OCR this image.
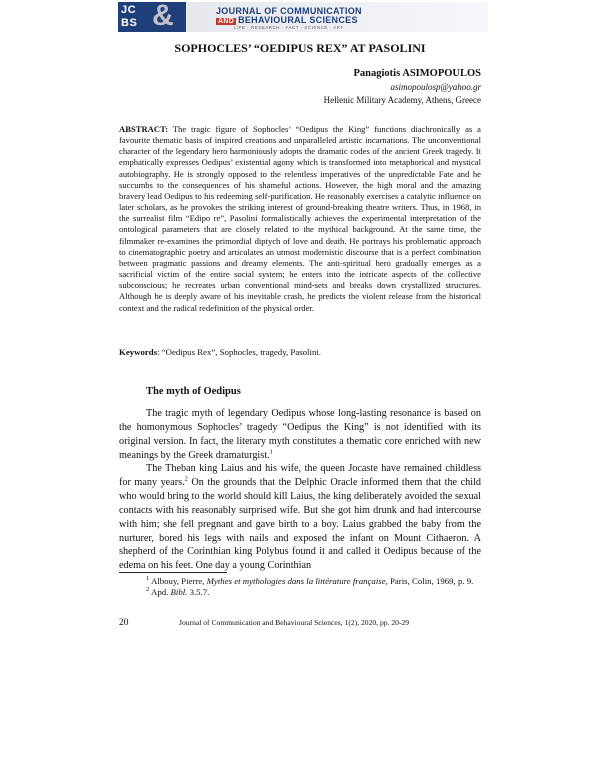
JC
BS &	JOURNAL OF COMMUNICATION
AND BEHAVIOURAL SCIENCES
LIFE · RESEARCH · FACT · SCIENCE · ART
SOPHOCLES’ “OEDIPUS REX” AT PASOLINI
Panagiotis ASIMOPOULOS
asimopoulosp@yahoo.gr
Hellenic Military Academy, Athens, Greece

ABSTRACT: The tragic figure of Sophocles’ “Oedipus the King” functions diachronically as a favourite thematic basis of inspired creations and unparalleled artistic incarnations. The unconventional character of the legendary hero harmoniously adopts the dramatic codes of the ancient Greek tragedy. It emphatically expresses Oedipus’ existential agony which is transformed into metaphorical and mystical autobiography. He is strongly opposed to the relentless imperatives of the unpredictable Fate and he succumbs to the consequences of his shameful actions. However, the high moral and the amazing bravery lead Oedipus to his redeeming self-purification. He reasonably exercises a catalytic influence on later scholars, as he provokes the striking interest of ground-breaking theatre writers. Thus, in 1968, in the surrealist film “Edipo re”, Pasolini formalistically achieves the experimental interpretation of the ontological parameters that are closely related to the mythical background. At the same time, the filmmaker re-examines the primordial diptych of love and death. He portrays his problematic approach to cinematographic poetry and articulates an utmost modernistic discourse that is a perfect combination between pragmatic passions and dreamy elements. The anti-spiritual hero gradually emerges as a sacrificial victim of the entire social system; he enters into the intricate aspects of the collective subconscious; he recreates urban conventional mind-sets and breaks down crystallized structures. Although he is deeply aware of his inevitable crash, he predicts the violent release from the historical context and the radical redefinition of the physical order.

Keywords: “Oedipus Rex”, Sophocles, tragedy, Pasolini.

The myth of Oedipus

The tragic myth of legendary Oedipus whose long-lasting resonance is based on the homonymous Sophocles’ tragedy “Oedipus the King” is not identified with its original version. In fact, the literary myth constitutes a thematic core enriched with new meanings by the Greek dramaturgist.$^1$

The Theban king Laius and his wife, the queen Jocaste have remained childless for many years.$^2$ On the grounds that the Delphic Oracle informed them that the child who would bring to the world should kill Laius, the king deliberately avoided the sexual contacts with his reasonably surprised wife. But she got him drunk and had intercourse with him; she fell pregnant and gave birth to a boy. Laius grabbed the baby from the nurturer, bored his legs with nails and exposed the infant on Mount Cithaeron. A shepherd of the Corinthian king Polybus found it and called it Oedipus because of the edema on his feet. One day a young Corinthian

$^1$ Albouy, Pierre, Mythes et mythologies dans la littérature française, Paris, Colin, 1969, p. 9.

$^2$ Apd. Bibl. 3.5.7.

20	Journal of Communication and Behavioural Sciences, 1(2), 2020, pp. 20-29
